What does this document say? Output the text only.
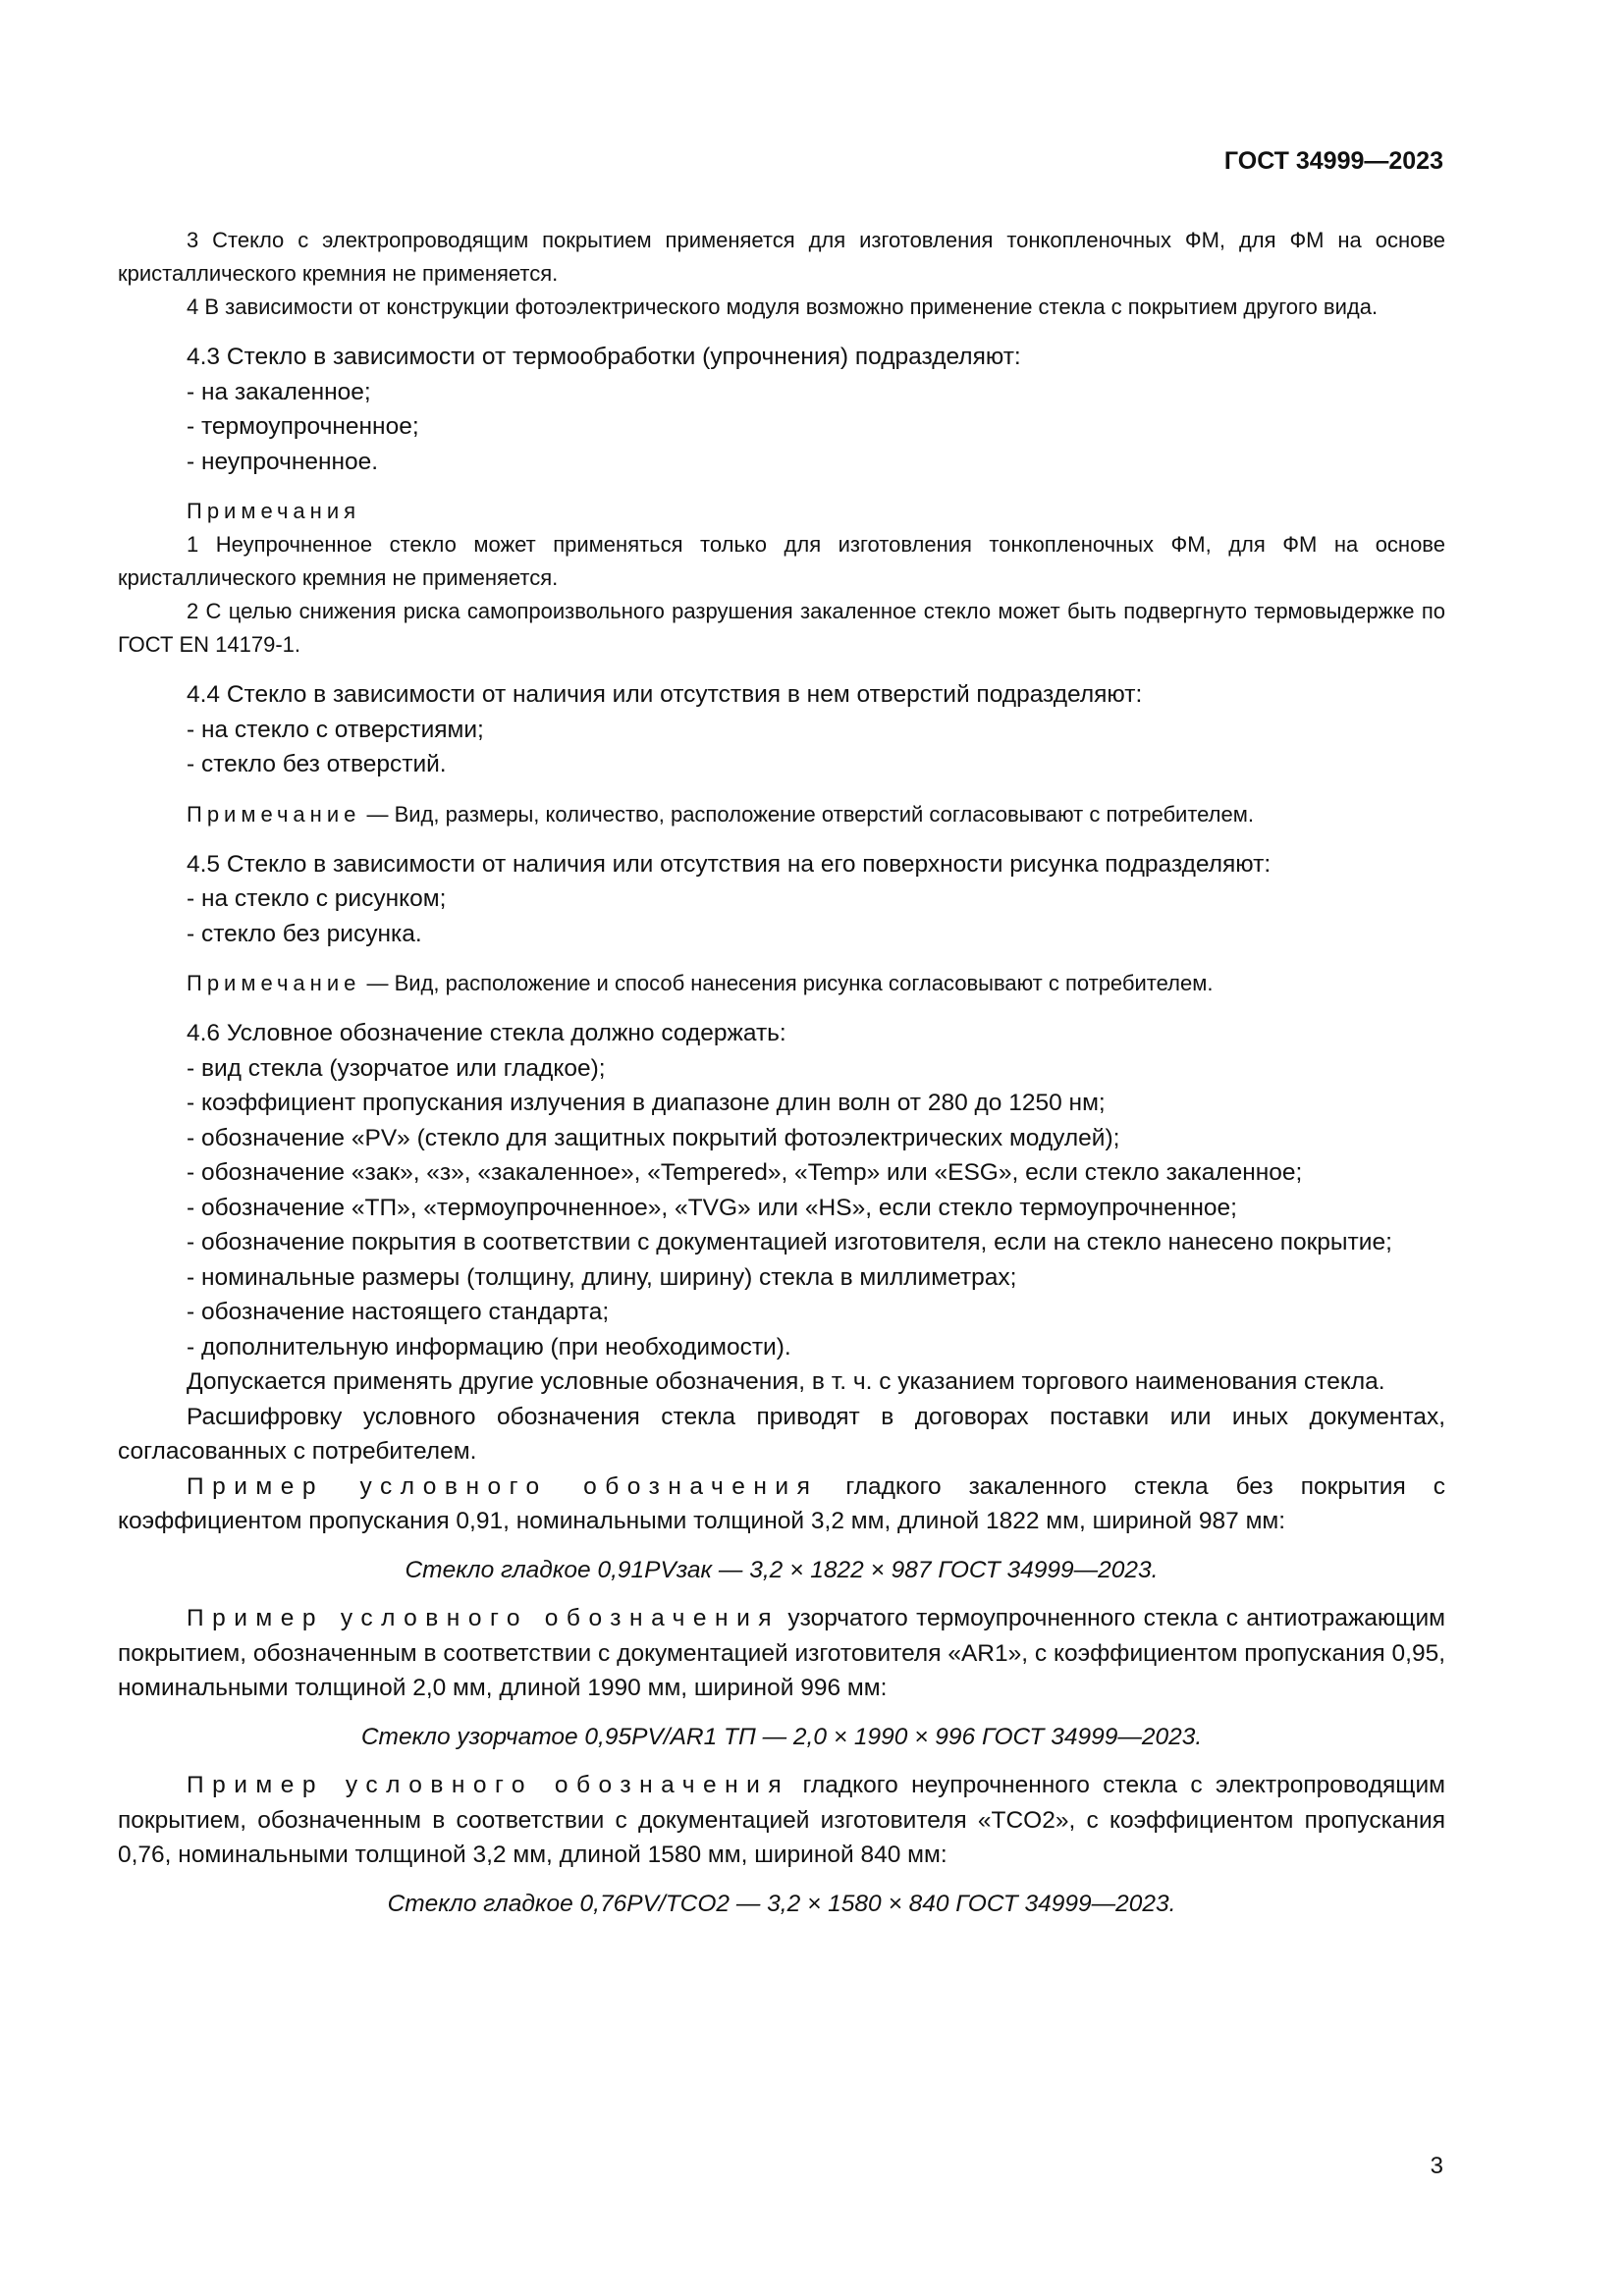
ГОСТ 34999—2023

3 Стекло с электропроводящим покрытием применяется для изготовления тонкопленочных ФМ, для ФМ на основе кристаллического кремния не применяется.

4 В зависимости от конструкции фотоэлектрического модуля возможно применение стекла с покрытием другого вида.

4.3 Стекло в зависимости от термообработки (упрочнения) подразделяют:

- на закаленное;

- термоупрочненное;

- неупрочненное.

Примечания

1 Неупрочненное стекло может применяться только для изготовления тонкопленочных ФМ, для ФМ на основе кристаллического кремния не применяется.

2 С целью снижения риска самопроизвольного разрушения закаленное стекло может быть подвергнуто термовыдержке по ГОСТ EN 14179-1.

4.4 Стекло в зависимости от наличия или отсутствия в нем отверстий подразделяют:

- на стекло с отверстиями;

- стекло без отверстий.

Примечание — Вид, размеры, количество, расположение отверстий согласовывают с потребителем.

4.5 Стекло в зависимости от наличия или отсутствия на его поверхности рисунка подразделяют:

- на стекло с рисунком;

- стекло без рисунка.

Примечание — Вид, расположение и способ нанесения рисунка согласовывают с потребителем.

4.6 Условное обозначение стекла должно содержать:

- вид стекла (узорчатое или гладкое);

- коэффициент пропускания излучения в диапазоне длин волн от 280 до 1250 нм;

- обозначение «PV» (стекло для защитных покрытий фотоэлектрических модулей);

- обозначение «зак», «з», «закаленное», «Tempered», «Temp» или «ESG», если стекло закаленное;

- обозначение «ТП», «термоупрочненное», «TVG» или «HS», если стекло термоупрочненное;

- обозначение покрытия в соответствии с документацией изготовителя, если на стекло нанесено покрытие;

- номинальные размеры (толщину, длину, ширину) стекла в миллиметрах;

- обозначение настоящего стандарта;

- дополнительную информацию (при необходимости).

Допускается применять другие условные обозначения, в т. ч. с указанием торгового наименования стекла.

Расшифровку условного обозначения стекла приводят в договорах поставки или иных документах, согласованных с потребителем.

Пример условного обозначения гладкого закаленного стекла без покрытия с коэффициентом пропускания 0,91, номинальными толщиной 3,2 мм, длиной 1822 мм, шириной 987 мм:

Стекло гладкое 0,91PVзак — 3,2 × 1822 × 987 ГОСТ 34999—2023.

Пример условного обозначения узорчатого термоупрочненного стекла с антиотражающим покрытием, обозначенным в соответствии с документацией изготовителя «AR1», с коэффициентом пропускания 0,95, номинальными толщиной 2,0 мм, длиной 1990 мм, шириной 996 мм:

Стекло узорчатое 0,95PV/AR1 ТП — 2,0 × 1990 × 996 ГОСТ 34999—2023.

Пример условного обозначения гладкого неупрочненного стекла с электропроводящим покрытием, обозначенным в соответствии с документацией изготовителя «TCO2», с коэффициентом пропускания 0,76, номинальными толщиной 3,2 мм, длиной 1580 мм, шириной 840 мм:

Стекло гладкое 0,76PV/TCO2 — 3,2 × 1580 × 840 ГОСТ 34999—2023.

3
